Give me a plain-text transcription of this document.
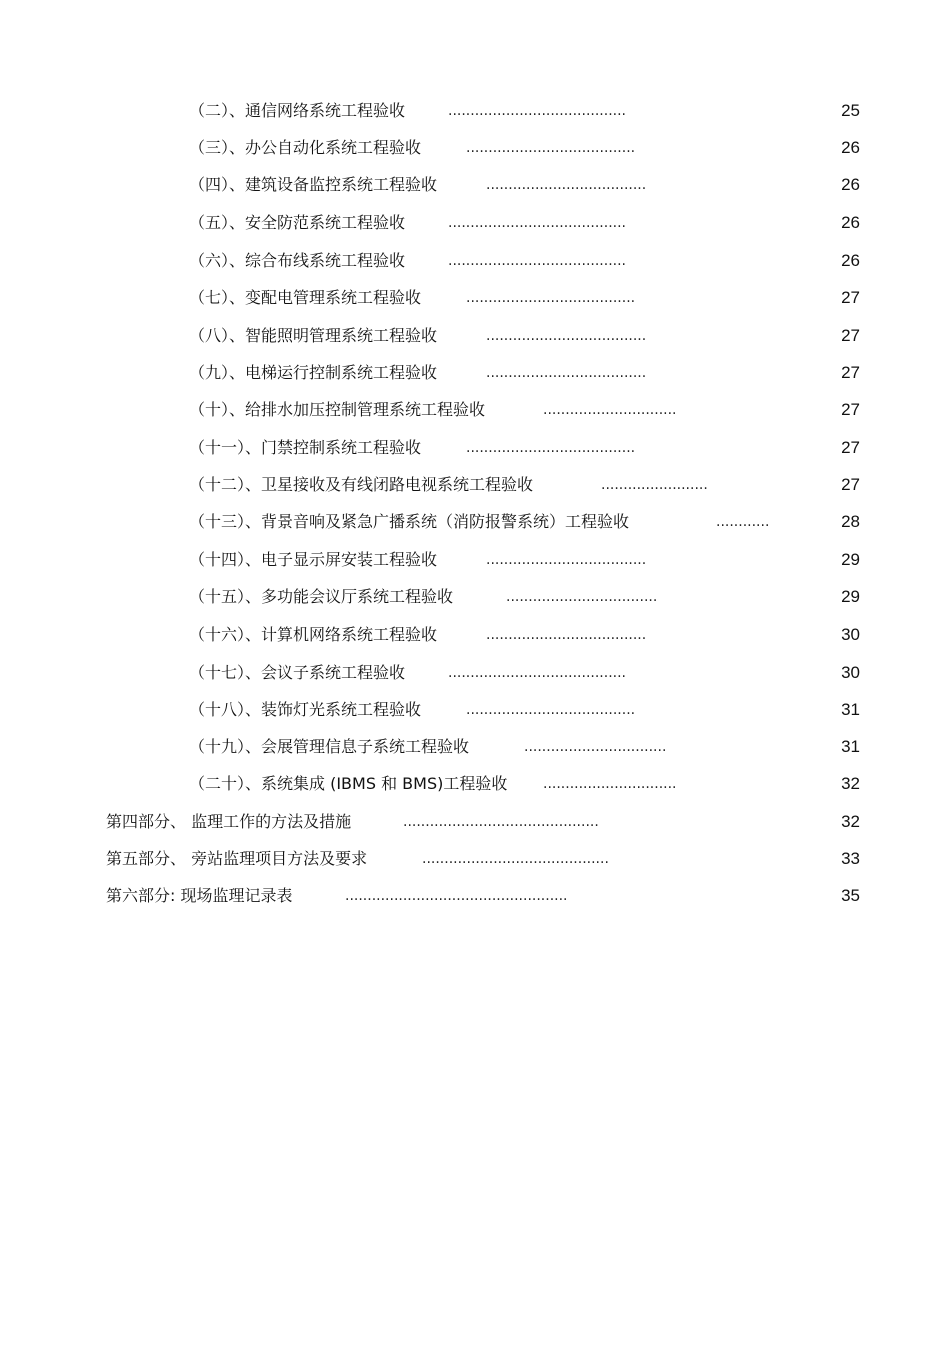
（二）、通信网络系统工程验收	........................................	25
（三）、办公自动化系统工程验收	......................................	26
（四）、建筑设备监控系统工程验收	....................................	26
（五）、安全防范系统工程验收	........................................	26
（六）、综合布线系统工程验收	........................................	26
（七）、变配电管理系统工程验收	......................................	27
（八）、智能照明管理系统工程验收	....................................	27
（九）、电梯运行控制系统工程验收	....................................	27
（十）、给排水加压控制管理系统工程验收	..............................	27
（十一）、门禁控制系统工程验收	......................................	27
（十二）、卫星接收及有线闭路电视系统工程验收	........................	27
（十三）、背景音响及紧急广播系统（消防报警系统）工程验收	............	28
（十四）、电子显示屏安装工程验收	....................................	29
（十五）、多功能会议厅系统工程验收	..................................	29
（十六）、计算机网络系统工程验收	....................................	30
（十七）、会议子系统工程验收	........................................	30
（十八）、装饰灯光系统工程验收	......................................	31
（十九）、会展管理信息子系统工程验收	................................	31
（二十）、系统集成 (IBMS 和 BMS)工程验收	..............................	32
第四部分、 监理工作的方法及措施	............................................	32
第五部分、 旁站监理项目方法及要求	..........................................	33
第六部分: 现场监理记录表	..................................................	35
